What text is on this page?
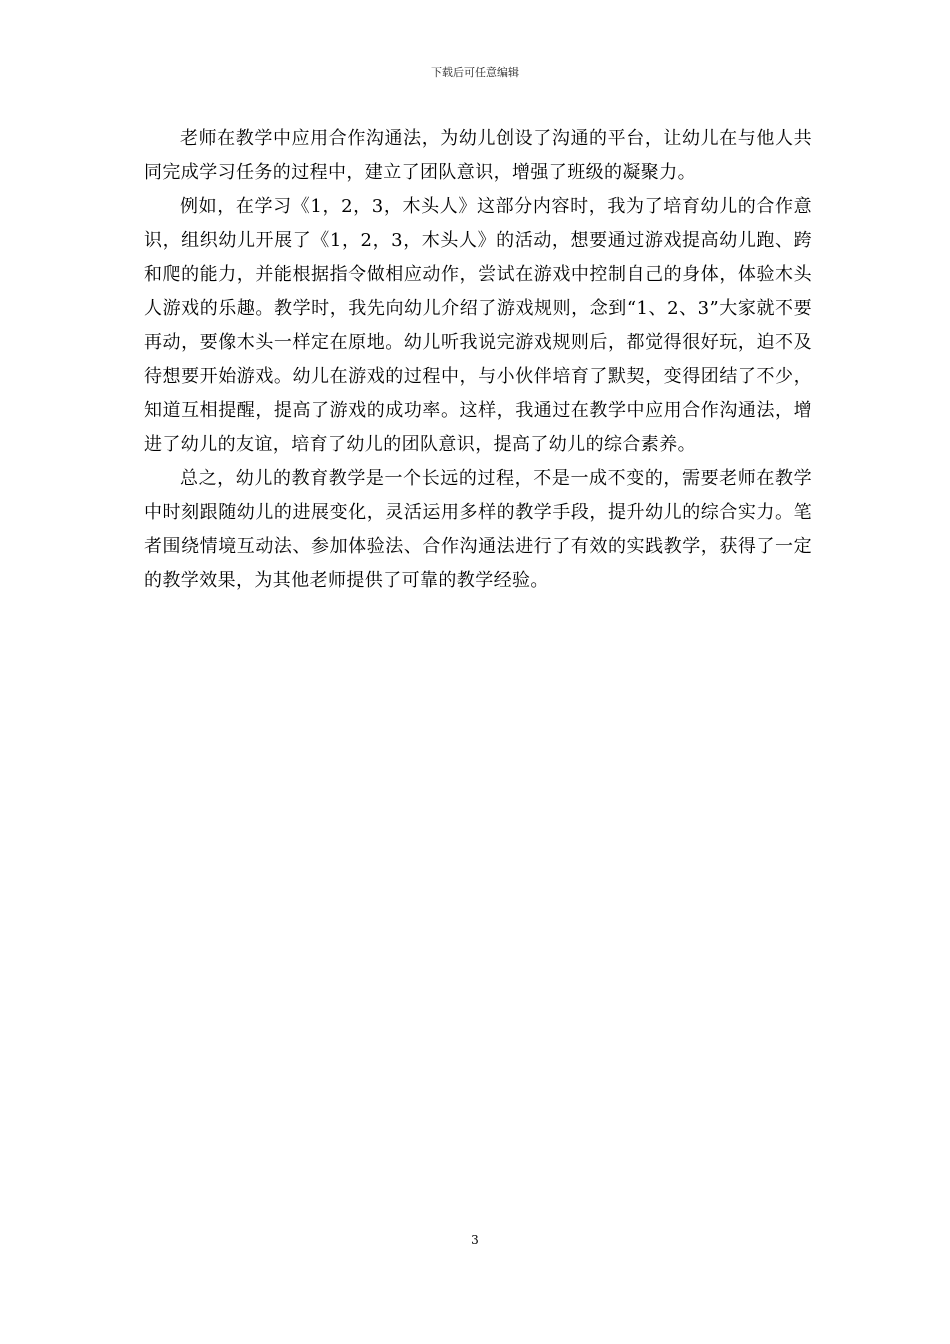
下载后可任意编辑

老师在教学中应用合作沟通法，为幼儿创设了沟通的平台，让幼儿在与他人共同完成学习任务的过程中，建立了团队意识，增强了班级的凝聚力。

例如，在学习《1，2，3，木头人》这部分内容时，我为了培育幼儿的合作意识，组织幼儿开展了《1，2，3，木头人》的活动，想要通过游戏提高幼儿跑、跨和爬的能力，并能根据指令做相应动作，尝试在游戏中控制自己的身体，体验木头人游戏的乐趣。教学时，我先向幼儿介绍了游戏规则，念到“1、2、3”大家就不要再动，要像木头一样定在原地。幼儿听我说完游戏规则后，都觉得很好玩，迫不及待想要开始游戏。幼儿在游戏的过程中，与小伙伴培育了默契，变得团结了不少，知道互相提醒，提高了游戏的成功率。这样，我通过在教学中应用合作沟通法，增进了幼儿的友谊，培育了幼儿的团队意识，提高了幼儿的综合素养。

总之，幼儿的教育教学是一个长远的过程，不是一成不变的，需要老师在教学中时刻跟随幼儿的进展变化，灵活运用多样的教学手段，提升幼儿的综合实力。笔者围绕情境互动法、参加体验法、合作沟通法进行了有效的实践教学，获得了一定的教学效果，为其他老师提供了可靠的教学经验。

3
